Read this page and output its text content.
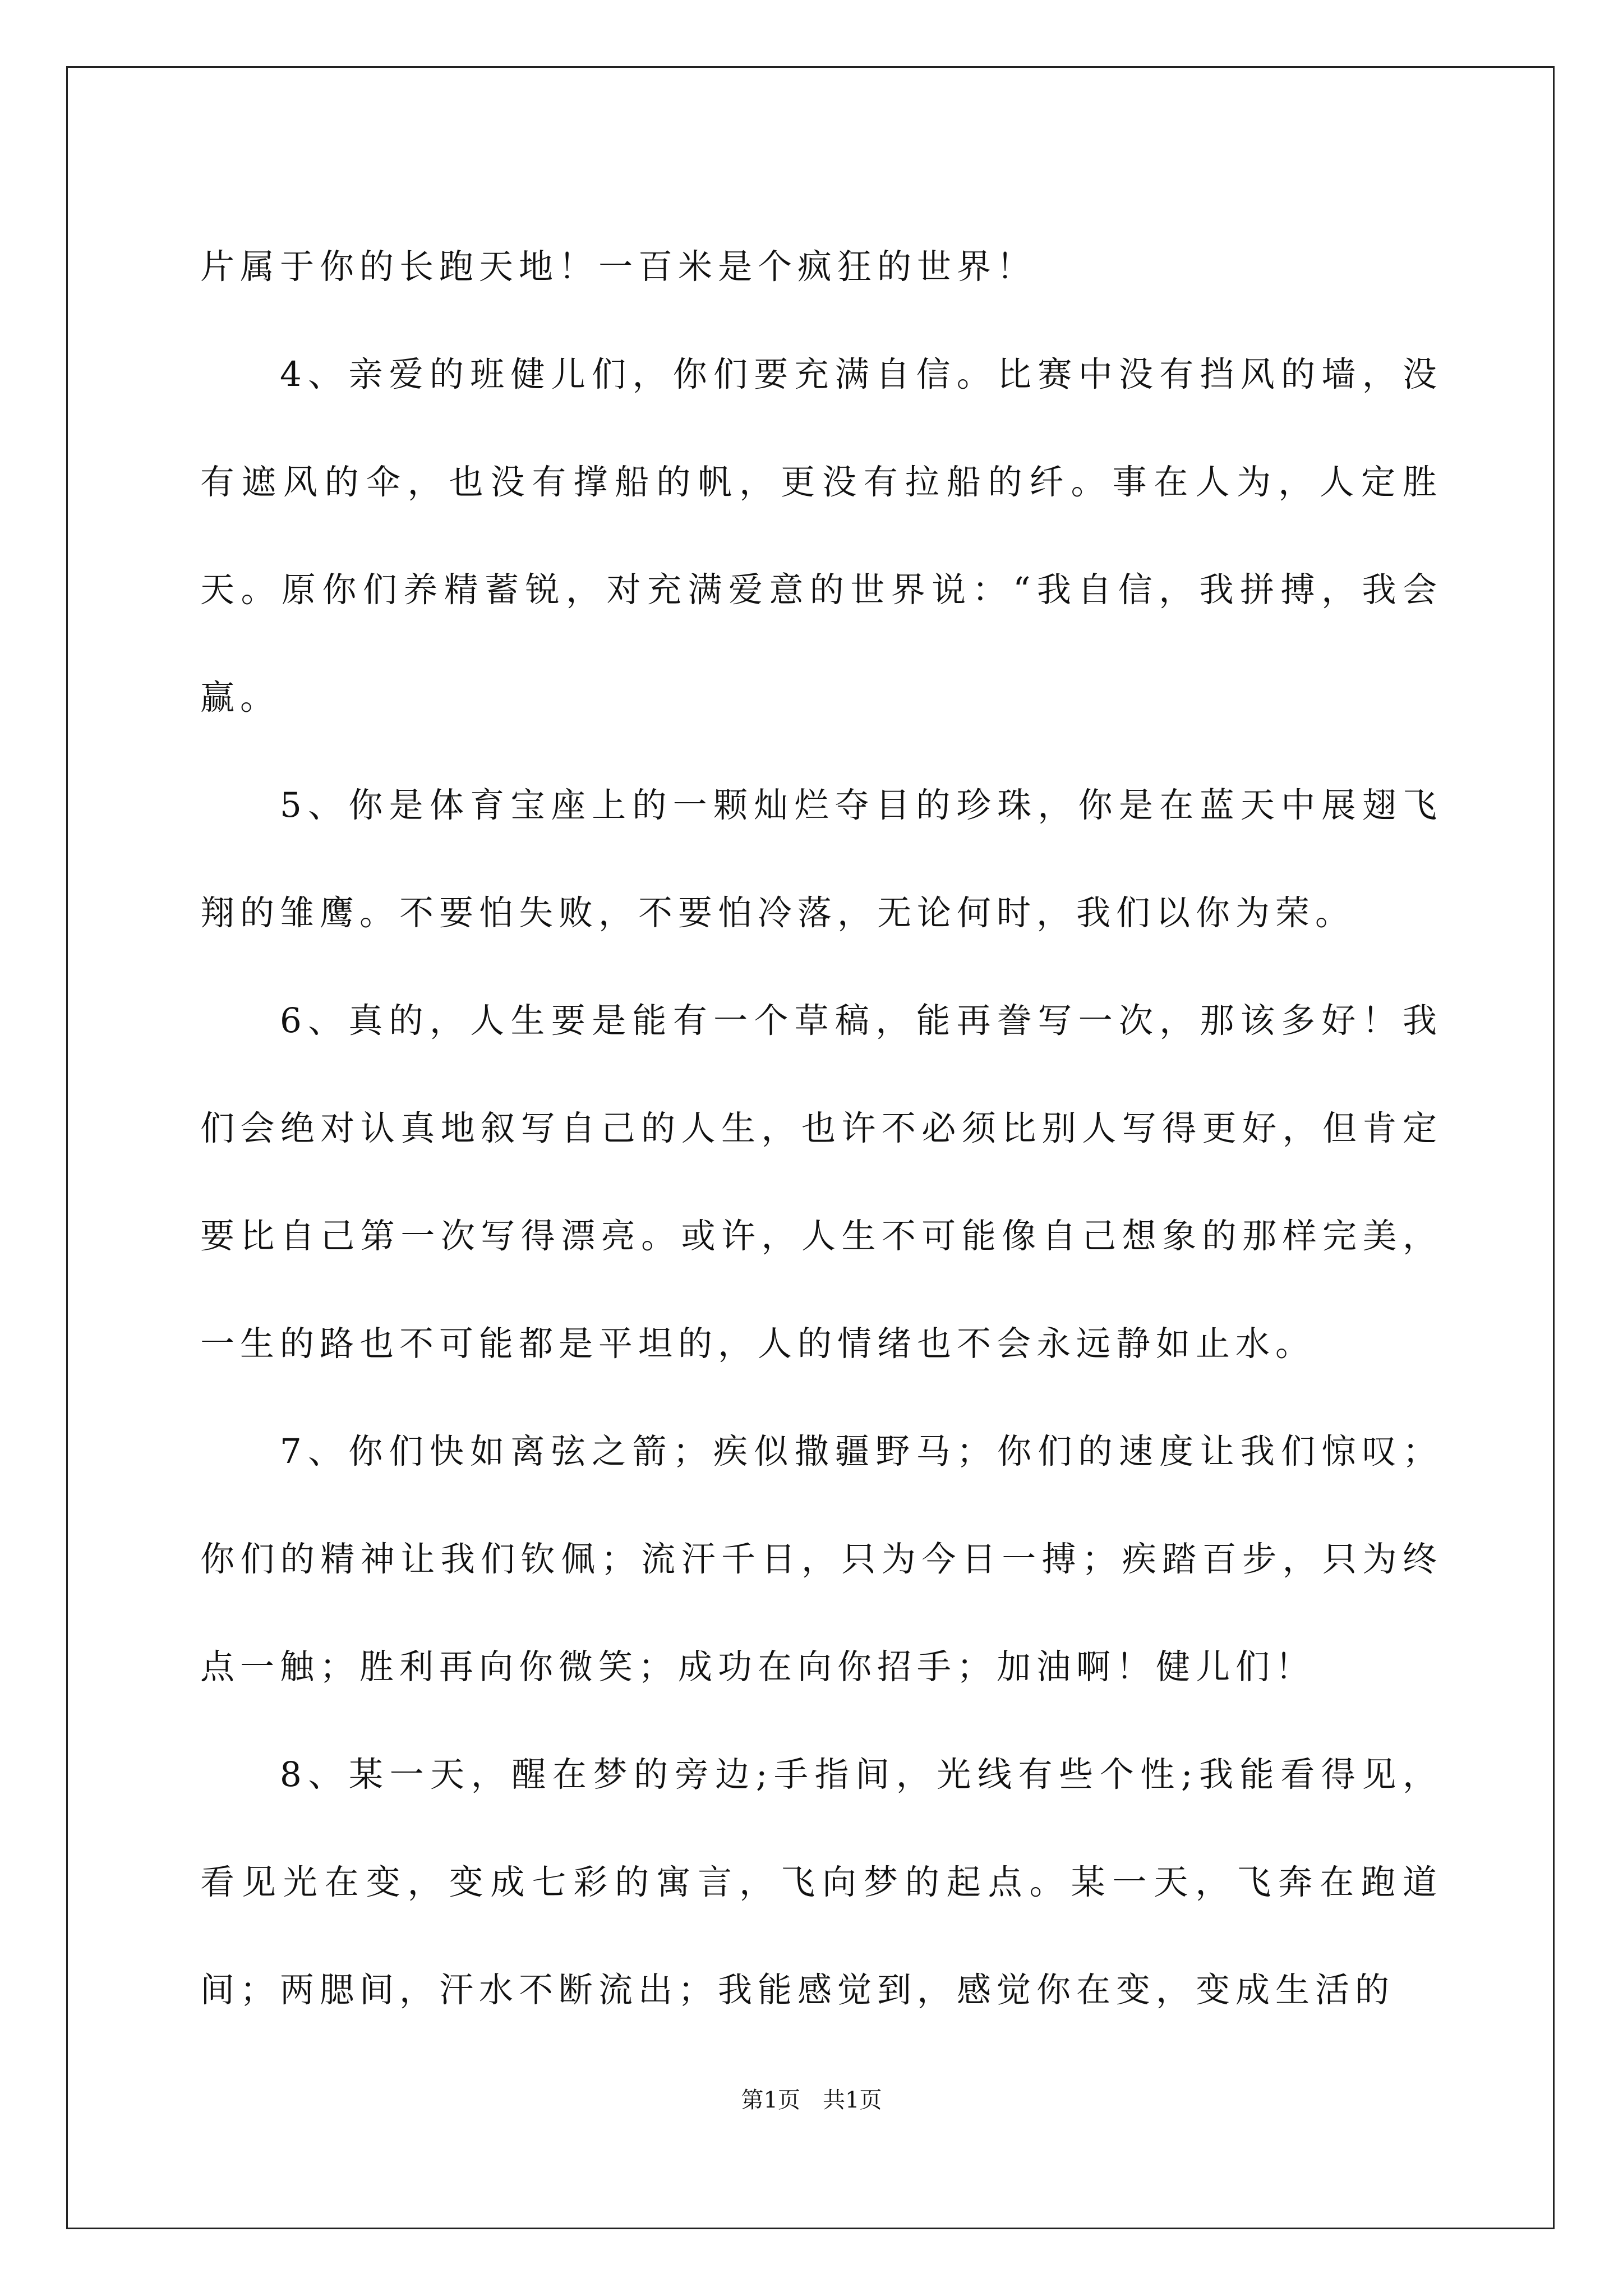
片属于你的长跑天地！一百米是个疯狂的世界！

4、亲爱的班健儿们，你们要充满自信。比赛中没有挡风的墙，没有遮风的伞，也没有撑船的帆，更没有拉船的纤。事在人为，人定胜天。原你们养精蓄锐，对充满爱意的世界说：“我自信，我拼搏，我会赢。

5、你是体育宝座上的一颗灿烂夺目的珍珠，你是在蓝天中展翅飞翔的雏鹰。不要怕失败，不要怕冷落，无论何时，我们以你为荣。

6、真的，人生要是能有一个草稿，能再誊写一次，那该多好！我们会绝对认真地叙写自己的人生，也许不必须比别人写得更好，但肯定要比自己第一次写得漂亮。或许，人生不可能像自己想象的那样完美，一生的路也不可能都是平坦的，人的情绪也不会永远静如止水。

7、你们快如离弦之箭；疾似撒疆野马；你们的速度让我们惊叹；你们的精神让我们钦佩；流汗千日，只为今日一搏；疾踏百步，只为终点一触；胜利再向你微笑；成功在向你招手；加油啊！健儿们！

8、某一天，醒在梦的旁边;手指间，光线有些个性;我能看得见，看见光在变，变成七彩的寓言，飞向梦的起点。某一天，飞奔在跑道间；两腮间，汗水不断流出；我能感觉到，感觉你在变，变成生活的

第1页 共1页
